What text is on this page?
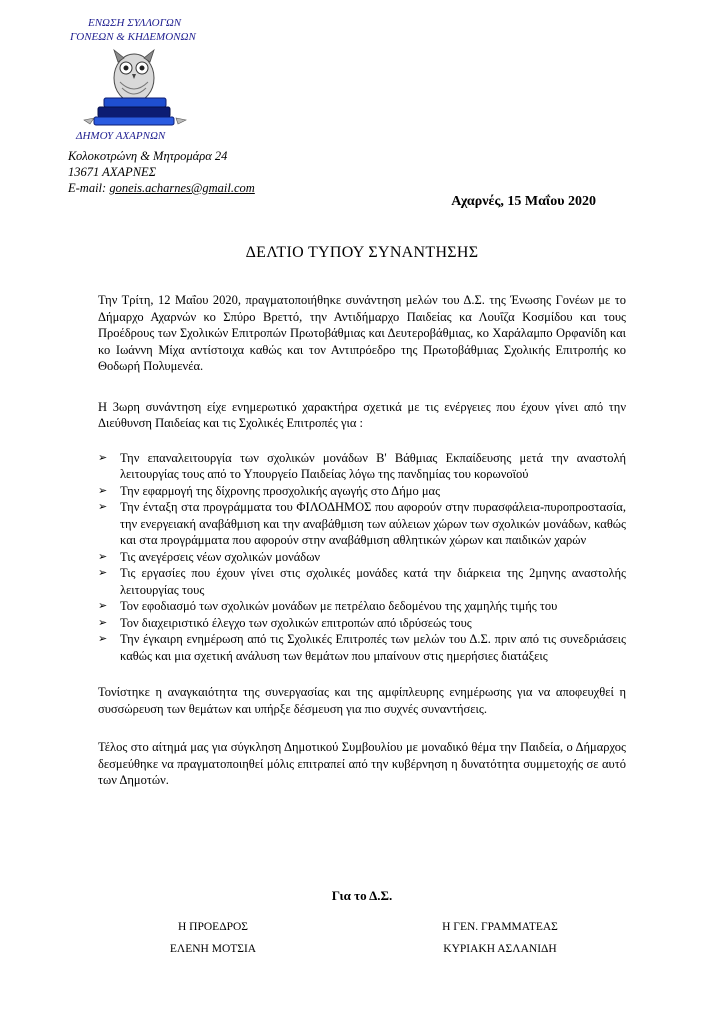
ΕΝΩΣΗ ΣΥΛΛΟΓΩΝ
ΓΟΝΕΩΝ & ΚΗΔΕΜΟΝΩΝ
ΔΗΜΟΥ ΑΧΑΡΝΩΝ
Κολοκοτρώνη & Μητρομάρα 24
13671 ΑΧΑΡΝΕΣ
E-mail: goneis.acharnes@gmail.com
Αχαρνές, 15 Μαΐου 2020
ΔΕΛΤΙΟ ΤΥΠΟΥ ΣΥΝΑΝΤΗΣΗΣ

Την Τρίτη, 12 Μαΐου 2020, πραγματοποιήθηκε συνάντηση μελών του Δ.Σ. της Ένωσης Γονέων με το Δήμαρχο Αχαρνών κο Σπύρο Βρεττό, την Αντιδήμαρχο Παιδείας κα Λουΐζα Κοσμίδου και τους Προέδρους των Σχολικών Επιτροπών Πρωτοβάθμιας και Δευτεροβάθμιας, κο Χαράλαμπο Ορφανίδη και κο Ιωάννη Μίχα αντίστοιχα καθώς και τον Αντιπρόεδρο της Πρωτοβάθμιας Σχολικής Επιτροπής κο Θοδωρή Πολυμενέα.

Η 3ωρη συνάντηση είχε ενημερωτικό χαρακτήρα σχετικά με τις ενέργειες που έχουν γίνει από την Διεύθυνση Παιδείας και τις Σχολικές Επιτροπές για :

➢ Την επαναλειτουργία των σχολικών μονάδων Β' Βάθμιας Εκπαίδευσης μετά την αναστολή λειτουργίας τους από το Υπουργείο Παιδείας λόγω της πανδημίας του κορωνοϊού
➢ Την εφαρμογή της δίχρονης προσχολικής αγωγής στο Δήμο μας
➢ Την ένταξη στα προγράμματα του ΦΙΛΟΔΗΜΟΣ που αφορούν στην πυρασφάλεια-πυροπροστασία, την ενεργειακή αναβάθμιση και την αναβάθμιση των αύλειων χώρων των σχολικών μονάδων, καθώς και στα προγράμματα που αφορούν στην αναβάθμιση αθλητικών χώρων και παιδικών χαρών
➢ Τις ανεγέρσεις νέων σχολικών μονάδων
➢ Τις εργασίες που έχουν γίνει στις σχολικές μονάδες κατά την διάρκεια της 2μηνης αναστολής λειτουργίας τους
➢ Τον εφοδιασμό των σχολικών μονάδων με πετρέλαιο δεδομένου της χαμηλής τιμής του
➢ Τον διαχειριστικό έλεγχο των σχολικών επιτροπών από ιδρύσεώς τους
➢ Την έγκαιρη ενημέρωση από τις Σχολικές Επιτροπές των μελών του Δ.Σ. πριν από τις συνεδριάσεις καθώς και μια σχετική ανάλυση των θεμάτων που μπαίνουν στις ημερήσιες διατάξεις

Τονίστηκε η αναγκαιότητα της συνεργασίας και της αμφίπλευρης ενημέρωσης για να αποφευχθεί η συσσώρευση των θεμάτων και υπήρξε δέσμευση για πιο συχνές συναντήσεις.

Τέλος στο αίτημά μας για σύγκληση Δημοτικού Συμβουλίου με μοναδικό θέμα την Παιδεία, ο Δήμαρχος δεσμεύθηκε να πραγματοποιηθεί μόλις επιτραπεί από την κυβέρνηση η δυνατότητα συμμετοχής σε αυτό των Δημοτών.

Για το Δ.Σ.
Η ΠΡΟΕΔΡΟΣ
ΕΛΕΝΗ ΜΟΤΣΙΑ
Η ΓΕΝ. ΓΡΑΜΜΑΤΕΑΣ
ΚΥΡΙΑΚΗ ΑΣΛΑΝΙΔΗ
